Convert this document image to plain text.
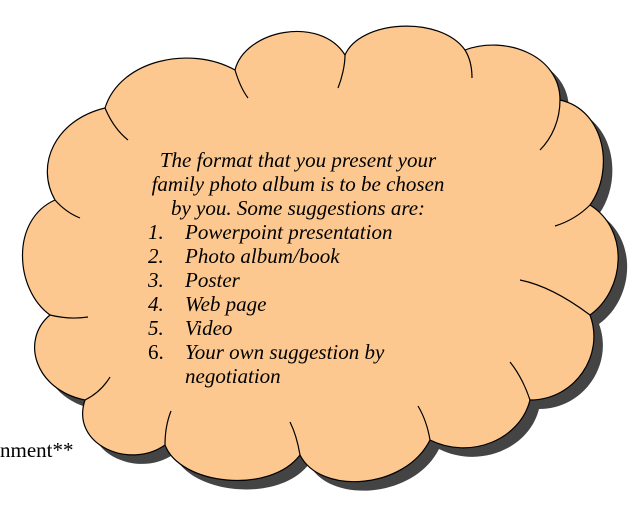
nment**

The format that you present your
family photo album is to be chosen
by you. Some suggestions are:

1. Powerpoint presentation
2. Photo album/book
3. Poster
4. Web page
5. Video
6. Your own suggestion by
negotiation
